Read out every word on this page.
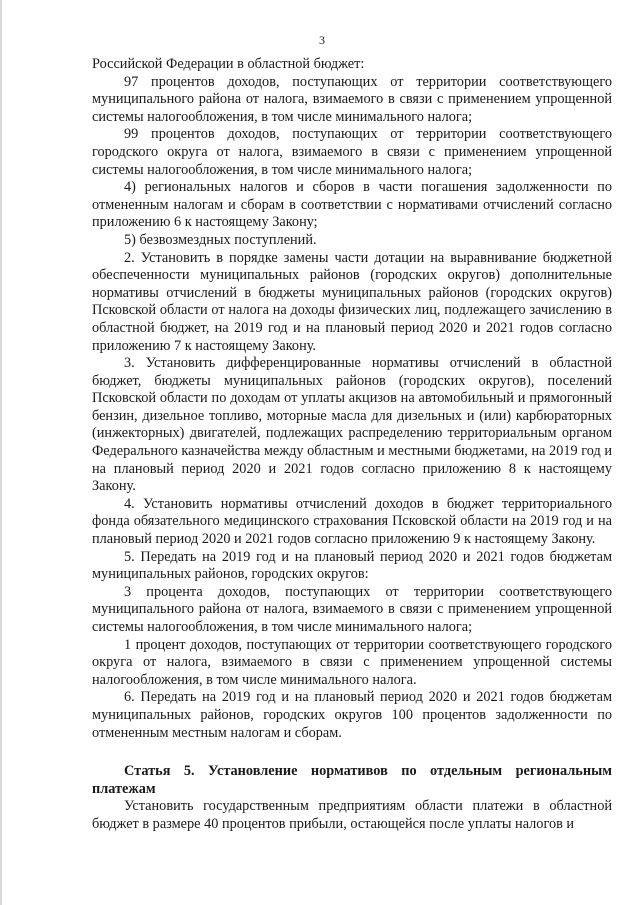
3

Российской Федерации в областной бюджет:

97 процентов доходов, поступающих от территории соответствующего муниципального района от налога, взимаемого в связи с применением упрощенной системы налогообложения, в том числе минимального налога;

99 процентов доходов, поступающих от территории соответствующего городского округа от налога, взимаемого в связи с применением упрощенной системы налогообложения, в том числе минимального налога;

4) региональных налогов и сборов в части погашения задолженности по отмененным налогам и сборам в соответствии с нормативами отчислений согласно приложению 6 к настоящему Закону;

5) безвозмездных поступлений.

2. Установить в порядке замены части дотации на выравнивание бюджетной обеспеченности муниципальных районов (городских округов) дополнительные нормативы отчислений в бюджеты муниципальных районов (городских округов) Псковской области от налога на доходы физических лиц, подлежащего зачислению в областной бюджет, на 2019 год и на плановый период 2020 и 2021 годов согласно приложению 7 к настоящему Закону.

3. Установить дифференцированные нормативы отчислений в областной бюджет, бюджеты муниципальных районов (городских округов), поселений Псковской области по доходам от уплаты акцизов на автомобильный и прямогонный бензин, дизельное топливо, моторные масла для дизельных и (или) карбюраторных (инжекторных) двигателей, подлежащих распределению территориальным органом Федерального казначейства между областным и местными бюджетами, на 2019 год и на плановый период 2020 и 2021 годов согласно приложению 8 к настоящему Закону.

4. Установить нормативы отчислений доходов в бюджет территориального фонда обязательного медицинского страхования Псковской области на 2019 год и на плановый период 2020 и 2021 годов согласно приложению 9 к настоящему Закону.

5. Передать на 2019 год и на плановый период 2020 и 2021 годов бюджетам муниципальных районов, городских округов:

3 процента доходов, поступающих от территории соответствующего муниципального района от налога, взимаемого в связи с применением упрощенной системы налогообложения, в том числе минимального налога;

1 процент доходов, поступающих от территории соответствующего городского округа от налога, взимаемого в связи с применением упрощенной системы налогообложения, в том числе минимального налога.

6. Передать на 2019 год и на плановый период 2020 и 2021 годов бюджетам муниципальных районов, городских округов 100 процентов задолженности по отмененным местным налогам и сборам.

Статья 5. Установление нормативов по отдельным региональным платежам

Установить государственным предприятиям области платежи в областной бюджет в размере 40 процентов прибыли, остающейся после уплаты налогов и
